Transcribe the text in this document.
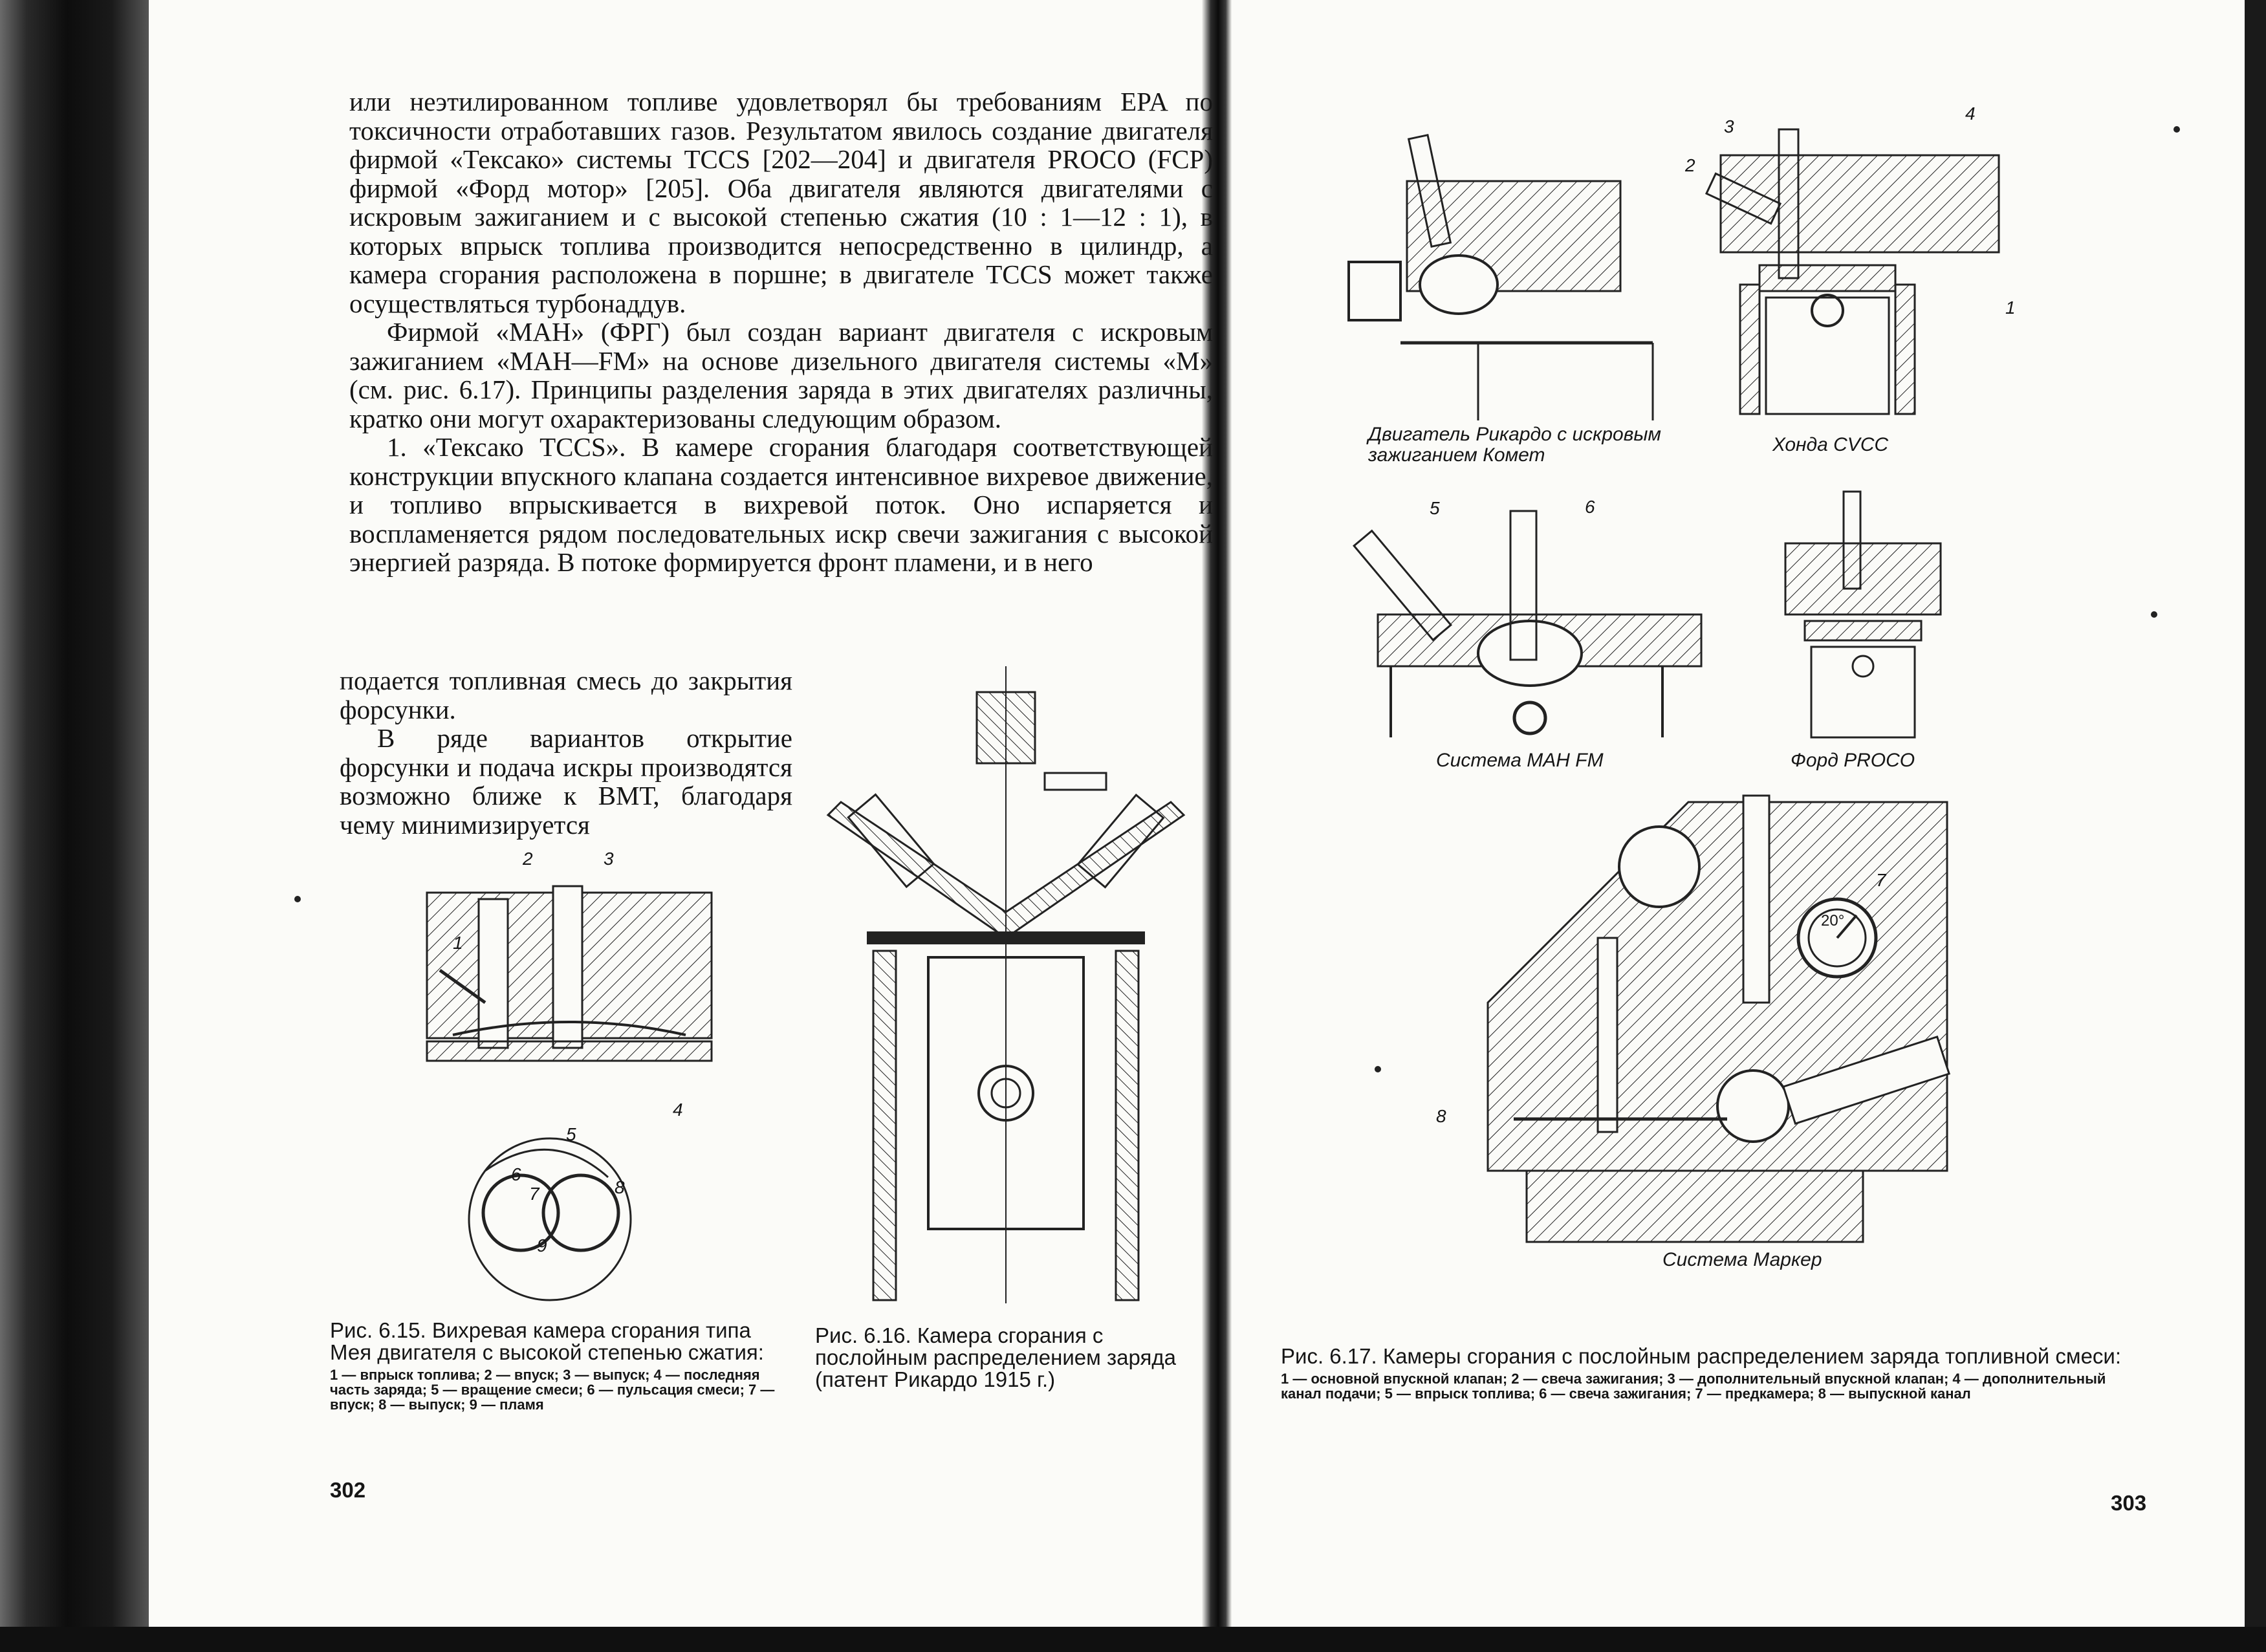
или неэтилированном топливе удовлетворял бы требованиям EPA по токсичности отработавших газов. Результатом явилось создание двигателя фирмой «Тексако» системы TCCS [202—204] и двигателя PROCO (FCP) фирмой «Форд мотор» [205]. Оба двигателя являются двигателями с искровым зажиганием и с высокой степенью сжатия (10 : 1—12 : 1), в которых впрыск топлива производится непосредственно в цилиндр, а камера сгорания расположена в поршне; в двигателе TCCS может также осуществляться турбонаддув.

Фирмой «МАН» (ФРГ) был создан вариант двигателя с искровым зажиганием «МАН—FM» на основе дизельного двигателя системы «М» (см. рис. 6.17). Принципы разделения заряда в этих двигателях различны, кратко они могут охарактеризованы следующим образом.

1. «Тексако TCCS». В камере сгорания благодаря соответствующей конструкции впускного клапана создается интенсивное вихревое движение, и топливо впрыскивается в вихревой поток. Оно испаряется и воспламеняется рядом последовательных искр свечи зажигания с высокой энергией разряда. В потоке формируется фронт пламени, и в него

подается топливная смесь до закрытия форсунки.

В ряде вариантов открытие форсунки и подача искры производятся возможно ближе к ВМТ, благодаря чему минимизируется

2	3
1
4
5
6
7	8
9
Рис. 6.15. Вихревая камера сгорания типа Мея двигателя с высокой степенью сжатия:
1 — впрыск топлива; 2 — впуск; 3 — выпуск; 4 — последняя часть заряда; 5 — вращение смеси; 6 — пульсация смеси; 7 — впуск; 8 — выпуск; 9 — пламя
Рис. 6.16. Камера сгорания с послойным распределением заряда (патент Рикардо 1915 г.)
302
Двигатель Рикардо с искровым зажиганием Комет
3
4
2
1
Хонда CVCC
5	6
Система МАН FM	Форд PROCO
20°
7
8
Система Маркер
Рис. 6.17. Камеры сгорания с послойным распределением заряда топливной смеси:
1 — основной впускной клапан; 2 — свеча зажигания; 3 — дополнительный впускной клапан; 4 — дополнительный канал подачи; 5 — впрыск топлива; 6 — свеча зажигания; 7 — предкамера; 8 — выпускной канал
303
